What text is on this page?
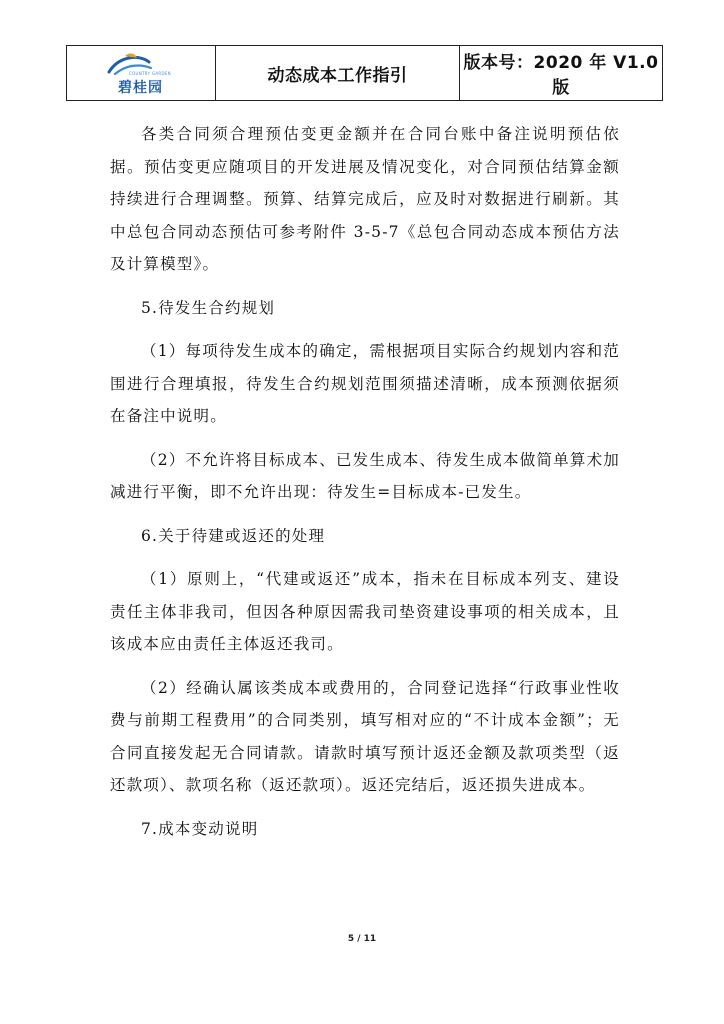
COUNTRY GARDEN
碧桂园
	动态成本工作指引	版本号：2020 年 V1.0 版

各类合同须合理预估变更金额并在合同台账中备注说明预估依据。预估变更应随项目的开发进展及情况变化，对合同预估结算金额持续进行合理调整。预算、结算完成后，应及时对数据进行刷新。其中总包合同动态预估可参考附件 3-5-7《总包合同动态成本预估方法及计算模型》。

5.待发生合约规划

（1）每项待发生成本的确定，需根据项目实际合约规划内容和范围进行合理填报，待发生合约规划范围须描述清晰，成本预测依据须在备注中说明。

（2）不允许将目标成本、已发生成本、待发生成本做简单算术加减进行平衡，即不允许出现：待发生=目标成本-已发生。

6.关于待建或返还的处理

（1）原则上，“代建或返还”成本，指未在目标成本列支、建设责任主体非我司，但因各种原因需我司垫资建设事项的相关成本，且该成本应由责任主体返还我司。

（2）经确认属该类成本或费用的，合同登记选择“行政事业性收费与前期工程费用”的合同类别，填写相对应的“不计成本金额”；无合同直接发起无合同请款。请款时填写预计返还金额及款项类型（返还款项）、款项名称（返还款项）。返还完结后，返还损失进成本。

7.成本变动说明

5 / 11
